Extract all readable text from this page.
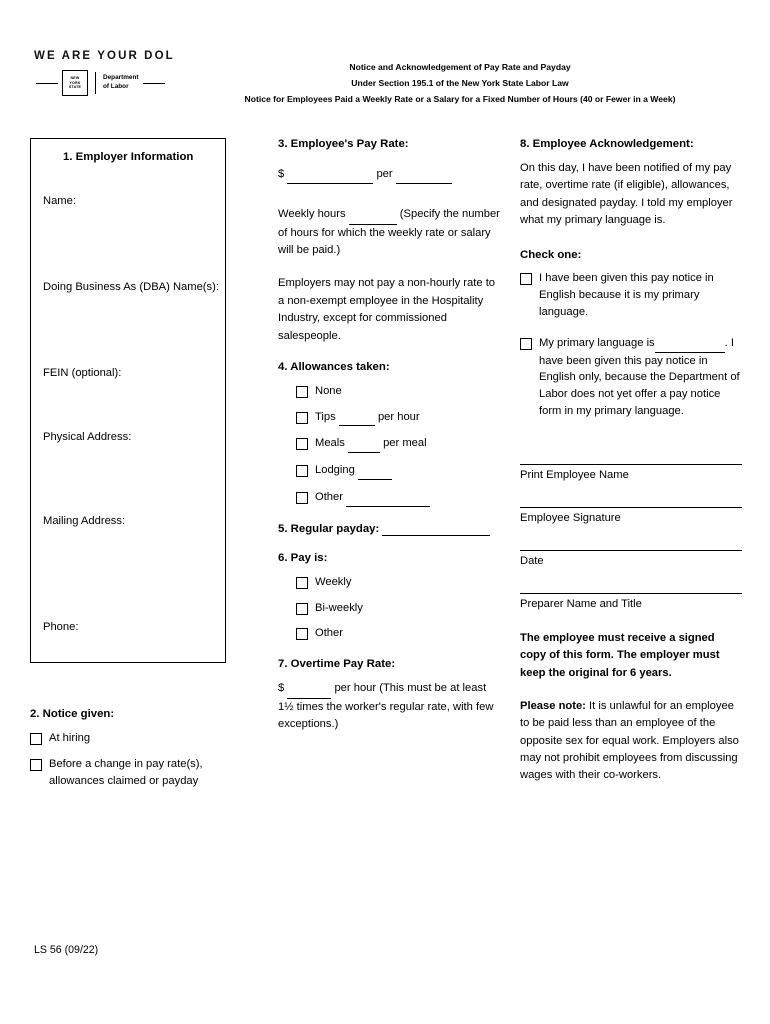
WE ARE YOUR DOL
NEW
YORK
STATE
Department
of Labor
Notice and Acknowledgement of Pay Rate and Payday
Under Section 195.1 of the New York State Labor Law
Notice for Employees Paid a Weekly Rate or a Salary for a Fixed Number of Hours (40 or Fewer in a Week)
1. Employer Information
Name:
Doing Business As (DBA) Name(s):
FEIN (optional):
Physical Address:
Mailing Address:
Phone:
2. Notice given:
At hiring
Before a change in pay rate(s), allowances claimed or payday
3. Employee's Pay Rate:
$	per

Weekly hours	(Specify the number of hours for which the weekly rate or salary will be paid.)

Employers may not pay a non-hourly rate to a non-exempt employee in the Hospitality Industry, except for commissioned salespeople.

4. Allowances taken:
None
Tips	per hour
Meals	per meal
Lodging
Other
5. Regular payday:
6. Pay is:
Weekly
Bi-weekly
Other
7. Overtime Pay Rate:

$	per hour (This must be at least 1½ times the worker's regular rate, with few exceptions.)

8. Employee Acknowledgement:

On this day, I have been notified of my pay rate, overtime rate (if eligible), allowances, and designated payday. I told my employer what my primary language is.

Check one:
I have been given this pay notice in English because it is my primary language.
My primary language is	. I have been given this pay notice in English only, because the Department of Labor does not yet offer a pay notice form in my primary language.
Print Employee Name
Employee Signature
Date
Preparer Name and Title

The employee must receive a signed copy of this form. The employer must keep the original for 6 years.

Please note: It is unlawful for an employee to be paid less than an employee of the opposite sex for equal work. Employers also may not prohibit employees from discussing wages with their co-workers.

LS 56 (09/22)
